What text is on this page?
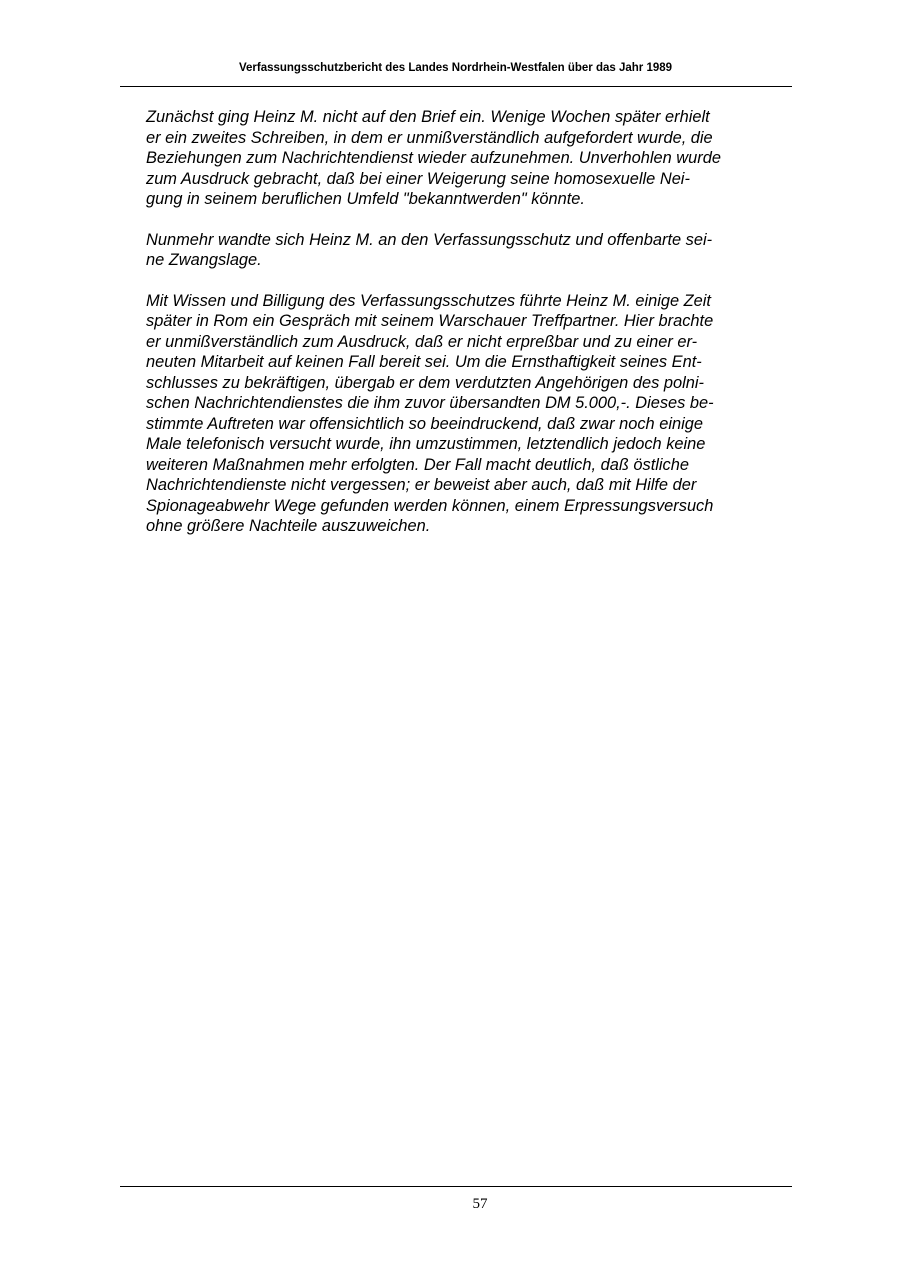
Verfassungsschutzbericht des Landes Nordrhein-Westfalen über das Jahr 1989
Zunächst ging Heinz M. nicht auf den Brief ein. Wenige Wochen später erhielt
er ein zweites Schreiben, in dem er unmißverständlich aufgefordert wurde, die
Beziehungen zum Nachrichtendienst wieder aufzunehmen. Unverhohlen wurde
zum Ausdruck gebracht, daß bei einer Weigerung seine homosexuelle Nei-
gung in seinem beruflichen Umfeld "bekanntwerden" könnte.
Nunmehr wandte sich Heinz M. an den Verfassungsschutz und offenbarte sei-
ne Zwangslage.
Mit Wissen und Billigung des Verfassungsschutzes führte Heinz M. einige Zeit
später in Rom ein Gespräch mit seinem Warschauer Treffpartner. Hier brachte
er unmißverständlich zum Ausdruck, daß er nicht erpreßbar und zu einer er-
neuten Mitarbeit auf keinen Fall bereit sei. Um die Ernsthaftigkeit seines Ent-
schlusses zu bekräftigen, übergab er dem verdutzten Angehörigen des polni-
schen Nachrichtendienstes die ihm zuvor übersandten DM 5.000,-. Dieses be-
stimmte Auftreten war offensichtlich so beeindruckend, daß zwar noch einige
Male telefonisch versucht wurde, ihn umzustimmen, letztendlich jedoch keine
weiteren Maßnahmen mehr erfolgten. Der Fall macht deutlich, daß östliche
Nachrichtendienste nicht vergessen; er beweist aber auch, daß mit Hilfe der
Spionageabwehr Wege gefunden werden können, einem Erpressungsversuch
ohne größere Nachteile auszuweichen.
57
